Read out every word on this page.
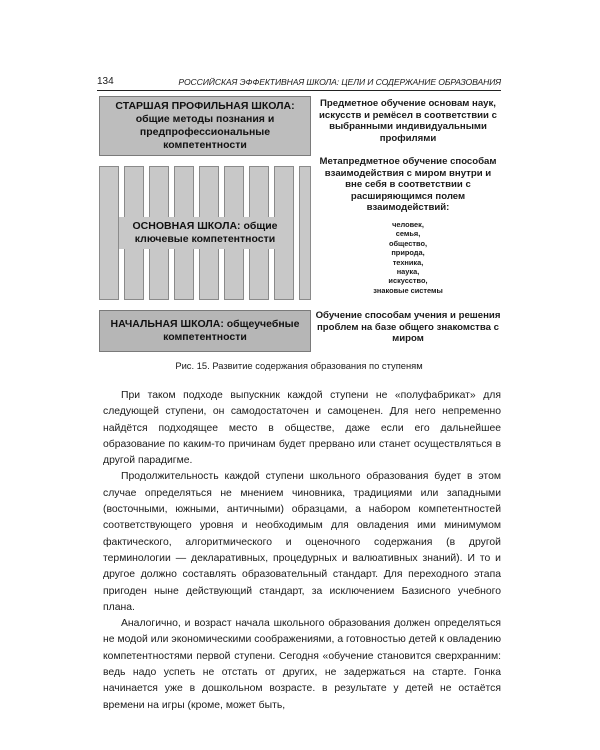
134	РОССИЙСКАЯ ЭФФЕКТИВНАЯ ШКОЛА: ЦЕЛИ И СОДЕРЖАНИЕ ОБРАЗОВАНИЯ
СТАРШАЯ ПРОФИЛЬНАЯ ШКОЛА: общие методы познания и предпрофессиональные компетентности
ОСНОВНАЯ ШКОЛА: общие ключевые компетентности
НАЧАЛЬНАЯ ШКОЛА: общеучебные компетентности
Предметное обучение основам наук, искусств и ремёсел в соответствии с выбранными индивидуальными профилями
Метапредметное обучение способам взаимодействия с миром внутри и вне себя в соответствии с расширяющимся полем взаимодействий:
человек,
семья,
общество,
природа,
техника,
наука,
искусство,
знаковые системы
Обучение способам учения и решения проблем на базе общего знакомства с миром
Рис. 15. Развитие содержания образования по ступеням

При таком подходе выпускник каждой ступени не «полуфабрикат» для следующей ступени, он самодостаточен и самоценен. Для него непременно найдётся подходящее место в обществе, даже если его дальнейшее образование по каким-то причинам будет прервано или станет осуществляться в другой парадигме.

Продолжительность каждой ступени школьного образования будет в этом случае определяться не мнением чиновника, традициями или западными (восточными, южными, античными) образцами, а набором компетентностей соответствующего уровня и необходимым для овладения ими минимумом фактического, алгоритмического и оценочного содержания (в другой терминологии — декларативных, процедурных и валюативных знаний). И то и другое должно составлять образовательный стандарт. Для переходного этапа пригоден ныне действующий стандарт, за исключением Базисного учебного плана.

Аналогично, и возраст начала школьного образования должен определяться не модой или экономическими соображениями, а готовностью детей к овладению компетентностями первой ступени. Сегодня «обучение становится сверхранним: ведь надо успеть не отстать от других, не задержаться на старте. Гонка начинается уже в дошкольном возрасте. в результате у детей не остаётся времени на игры (кроме, может быть,
